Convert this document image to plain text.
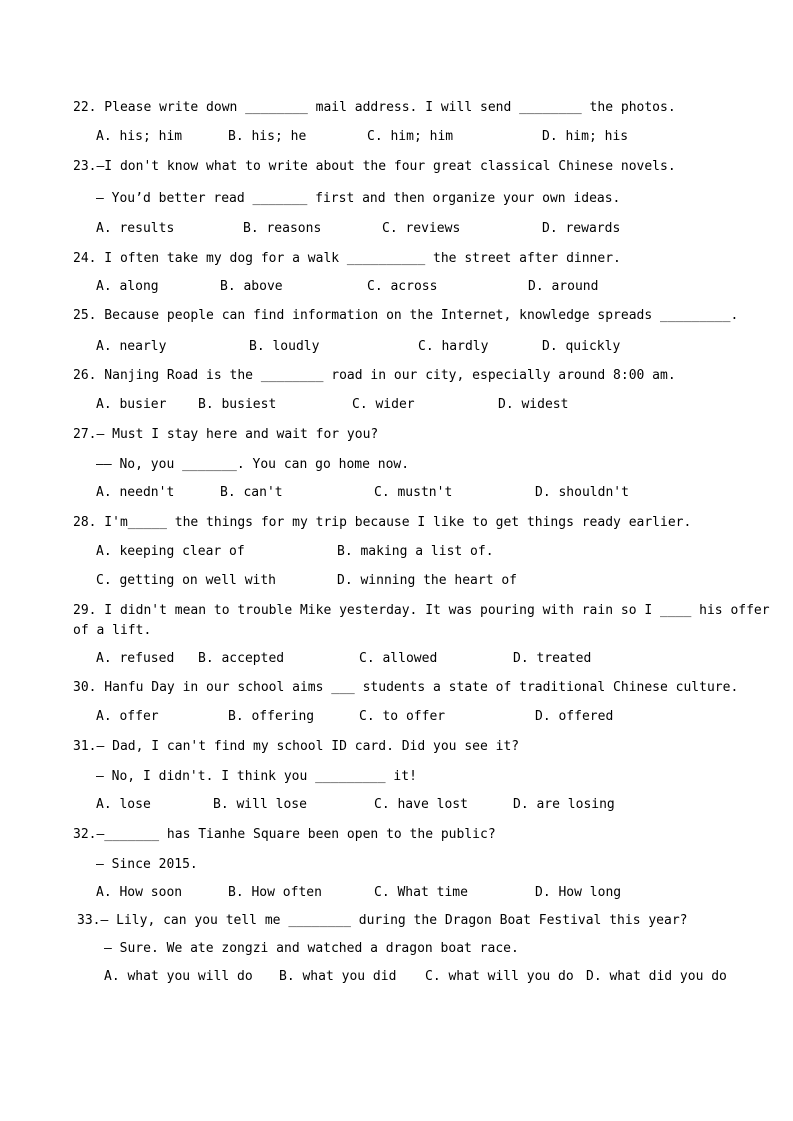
22. Please write down ________ mail address. I will send ________ the photos.
A. his; him	B. his; he	C. him; him	D. him; his
23.—I don't know what to write about the four great classical Chinese novels.
— You’d better read _______ first and then organize your own ideas.
A. results	B. reasons	C. reviews	D. rewards
24. I often take my dog for a walk __________ the street after dinner.
A. along	B. above	C. across	D. around
25. Because people can find information on the Internet, knowledge spreads _________.
A. nearly	B. loudly	C. hardly	D. quickly
26. Nanjing Road is the ________ road in our city, especially around 8:00 am.
A. busier B. busiest	C. wider	D. widest
27.— Must I stay here and wait for you?
—— No, you _______. You can go home now.
A. needn't	B. can't	C. mustn't	D. shouldn't
28. I'm_____ the things for my trip because I like to get things ready earlier.
A. keeping clear of	B. making a list of.
C. getting on well with	D. winning the heart of
29. I didn't mean to trouble Mike yesterday. It was pouring with rain so I ____ his offer
of a lift.
A. refused B. accepted	C. allowed	D. treated
30. Hanfu Day in our school aims ___ students a state of traditional Chinese culture.
A. offer	B. offering	C. to offer	D. offered
31.— Dad, I can't find my school ID card. Did you see it?
— No, I didn't. I think you _________ it!
A. lose	B. will lose	C. have lost	D. are losing
32.—_______ has Tianhe Square been open to the public?
— Since 2015.
A. How soon	B. How often	C. What time	D. How long
33.— Lily, can you tell me ________ during the Dragon Boat Festival this year?
— Sure. We ate zongzi and watched a dragon boat race.
A. what you will do B. what you did C. what will you do D. what did you do
